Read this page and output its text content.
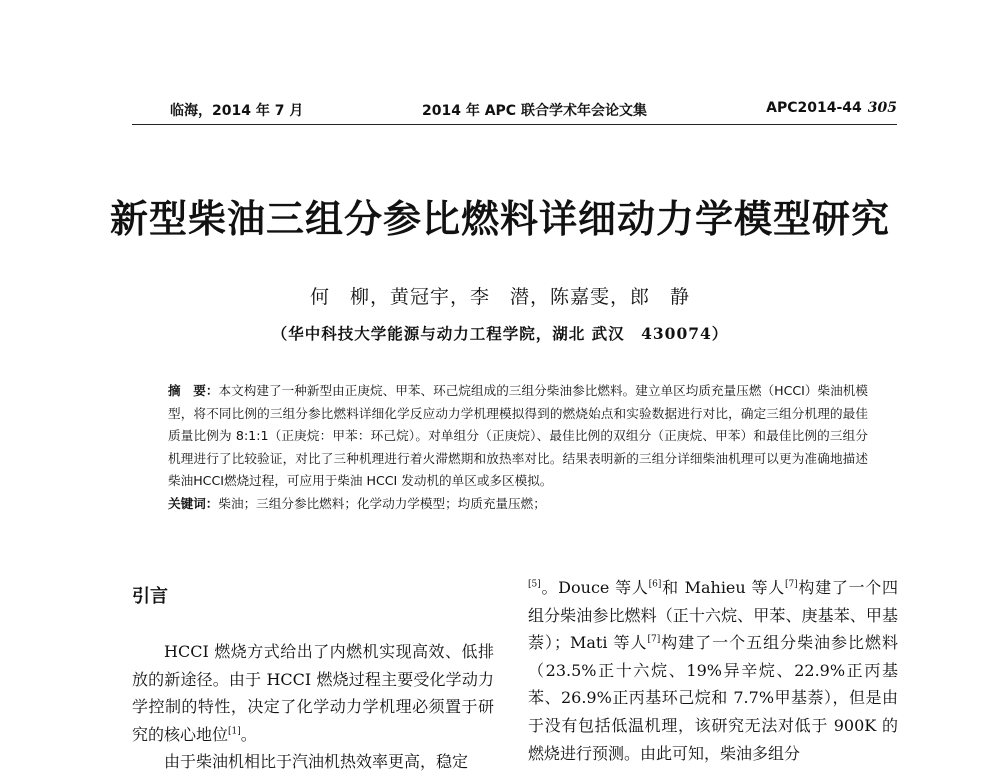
临海，2014 年 7 月	2014 年 APC 联合学术年会论文集	APC2014-44 305
新型柴油三组分参比燃料详细动力学模型研究
何　柳，黄冠宇，李　潜，陈嘉雯，郎　静
（华中科技大学能源与动力工程学院，湖北 武汉　430074）
摘　要：本文构建了一种新型由正庚烷、甲苯、环己烷组成的三组分柴油参比燃料。建立单区均质充量压燃（HCCI）柴油机模型，将不同比例的三组分参比燃料详细化学反应动力学机理模拟得到的燃烧始点和实验数据进行对比，确定三组分机理的最佳质量比例为 8:1:1（正庚烷：甲苯：环己烷）。对单组分（正庚烷）、最佳比例的双组分（正庚烷、甲苯）和最佳比例的三组分机理进行了比较验证，对比了三种机理进行着火滞燃期和放热率对比。结果表明新的三组分详细柴油机理可以更为准确地描述柴油HCCI燃烧过程，可应用于柴油 HCCI 发动机的单区或多区模拟。
关键词：柴油；三组分参比燃料；化学动力学模型；均质充量压燃；
引言

HCCI 燃烧方式给出了内燃机实现高效、低排放的新途径。由于 HCCI 燃烧过程主要受化学动力学控制的特性，决定了化学动力学机理必须置于研究的核心地位[1]。

由于柴油机相比于汽油机热效率更高，稳定

[5]。Douce 等人[6]和 Mahieu 等人[7]构建了一个四组分柴油参比燃料（正十六烷、甲苯、庚基苯、甲基萘）；Mati 等人[7]构建了一个五组分柴油参比燃料（23.5%正十六烷、19%异辛烷、22.9%正丙基苯、26.9%正丙基环己烷和 7.7%甲基萘），但是由于没有包括低温机理，该研究无法对低于 900K 的燃烧进行预测。由此可知，柴油多组分
